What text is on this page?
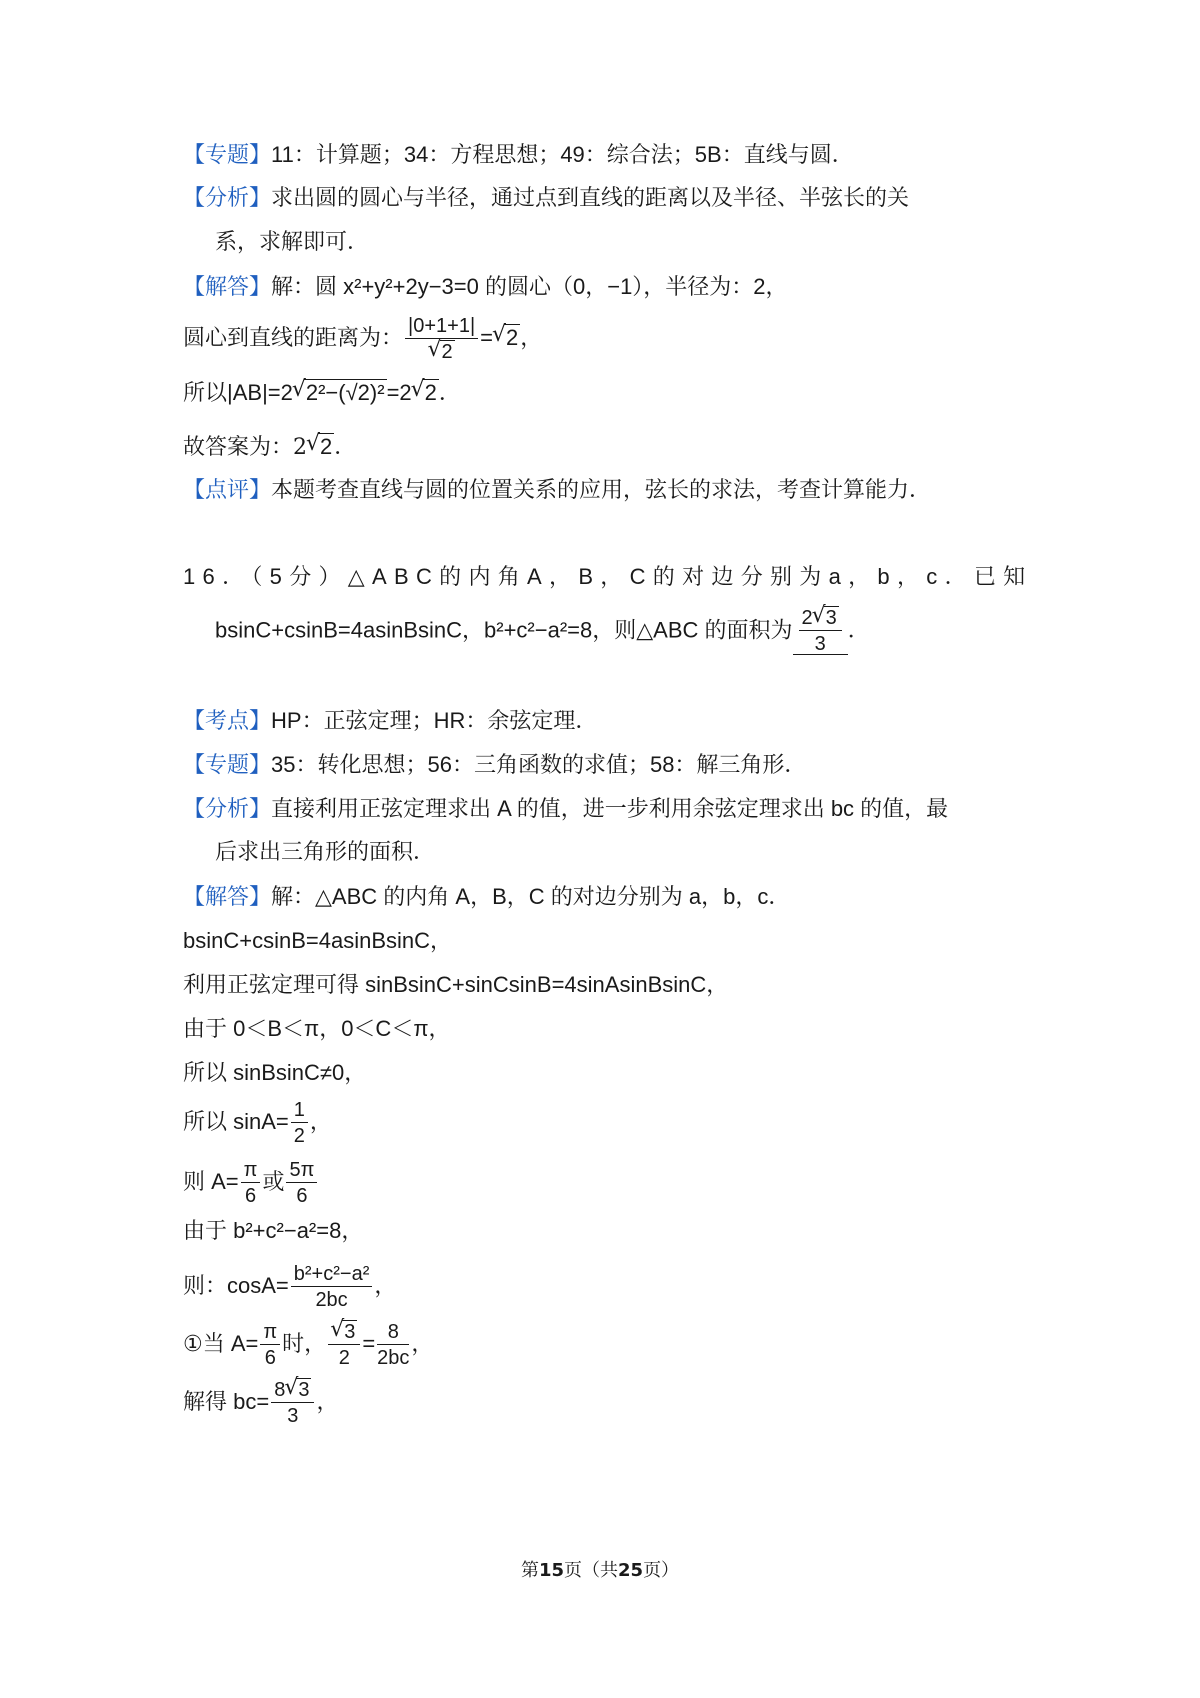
【专题】11：计算题；34：方程思想；49：综合法；5B：直线与圆．
【分析】求出圆的圆心与半径，通过点到直线的距离以及半径、半弦长的关
系，求解即可．
【解答】解：圆 x²+y²+2y−3=0 的圆心（0，−1），半径为：2，
圆心到直线的距离为： |0+1+1|
√ 2 = √ 2，
所以|AB|=2 √ 2²−(√2)²=2 √ 2．
故答案为：2 √ 2．
【点评】本题考查直线与圆的位置关系的应用，弦长的求法，考查计算能力．
16．（5分）△ABC的内角A，B，C的对边分别为a，b，c．已知
bsinC+csinB=4asinBsinC，b²+c²−a²=8，则△ABC 的面积为 $\frac{2 √ 3}{3}$ ．
【考点】HP：正弦定理；HR：余弦定理．
【专题】35：转化思想；56：三角函数的求值；58：解三角形．
【分析】直接利用正弦定理求出 A 的值，进一步利用余弦定理求出 bc 的值，最
后求出三角形的面积．
【解答】解：△ABC 的内角 A，B，C 的对边分别为 a，b，c．
bsinC+csinB=4asinBsinC，
利用正弦定理可得 sinBsinC+sinCsinB=4sinAsinBsinC，
由于 0＜B＜π，0＜C＜π，
所以 sinBsinC≠0，
所以 $\sin A= \frac{1}{2}$ ，
则 $A= \frac{\pi}{6}$ 或 $\frac{5\pi}{6}$
由于 b²+c²−a²=8，
则：$\cos A= \frac{\text{b²+c²−a²}}{2bc}$ ，
①当 $A= \frac{\pi}{6}$ 时， √ $\frac{3}{2} = \frac{8}{2bc}$ ，
解得 $bc= \frac{8 √ 3}{3}$ ，
第15页（共25页）
